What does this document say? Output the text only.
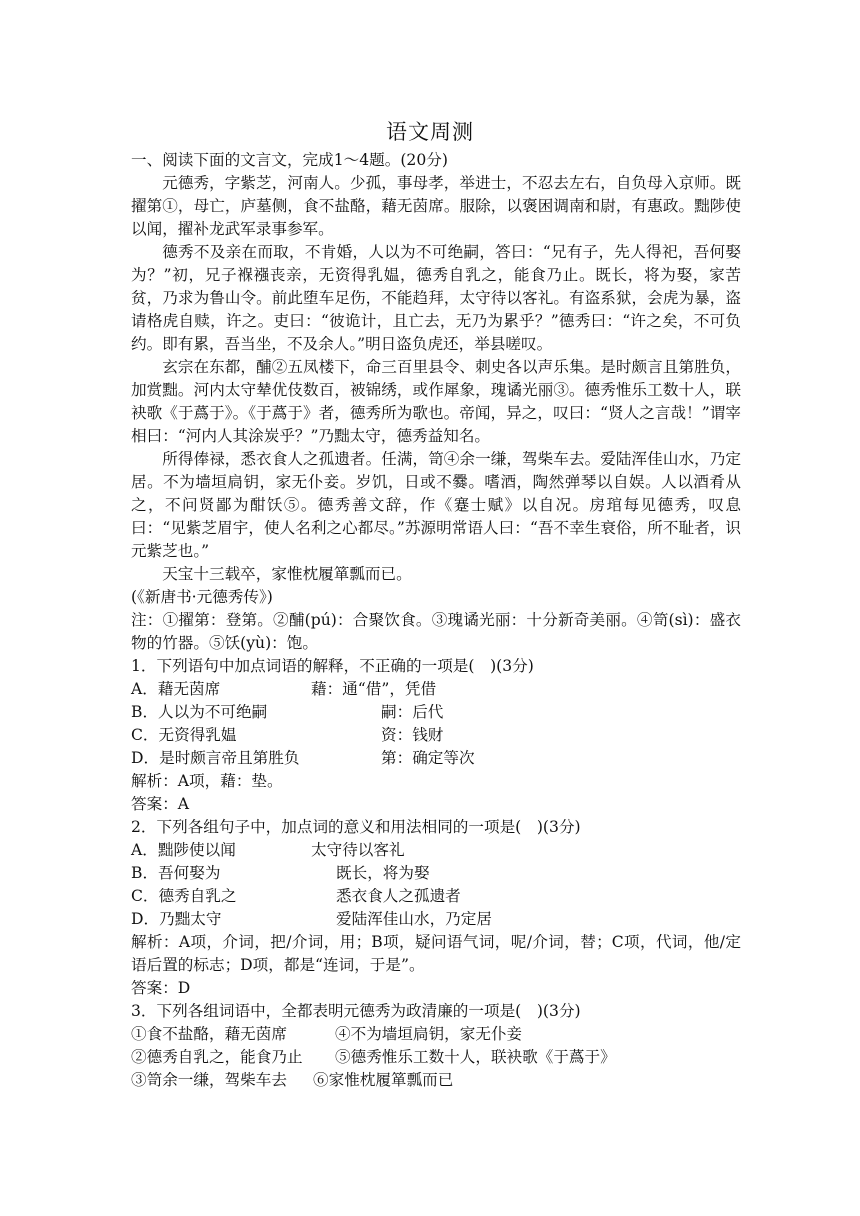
语文周测

一、阅读下面的文言文，完成1～4题。(20分)

元德秀，字紫芝，河南人。少孤，事母孝，举进士，不忍去左右，自负母入京师。既擢第①，母亡，庐墓侧，食不盐酪，藉无茵席。服除，以褒困调南和尉，有惠政。黜陟使以闻，擢补龙武军录事参军。

德秀不及亲在而取，不肯婚，人以为不可绝嗣，答曰：“兄有子，先人得祀，吾何娶为？”初，兄子褓襁丧亲，无资得乳媪，德秀自乳之，能食乃止。既长，将为娶，家苦贫，乃求为鲁山令。前此堕车足伤，不能趋拜，太守待以客礼。有盗系狱，会虎为暴，盗请格虎自赎，许之。吏曰：“彼诡计，且亡去，无乃为累乎？”德秀曰：“许之矣，不可负约。即有累，吾当坐，不及余人。”明日盗负虎还，举县嗟叹。

玄宗在东都，酺②五凤楼下，命三百里县令、刺史各以声乐集。是时颇言且第胜负，加赏黜。河内太守辇优伎数百，被锦绣，或作犀象，瑰谲光丽③。德秀惟乐工数十人，联袂歌《于蔿于》。《于蔿于》者，德秀所为歌也。帝闻，异之，叹曰：“贤人之言哉！”谓宰相曰：“河内人其涂炭乎？”乃黜太守，德秀益知名。

所得俸禄，悉衣食人之孤遗者。任满，笥④余一缣，驾柴车去。爱陆浑佳山水，乃定居。不为墙垣扃钥，家无仆妾。岁饥，日或不爨。嗜酒，陶然弹琴以自娱。人以酒肴从之，不问贤鄙为酣饫⑤。德秀善文辞，作《蹇士赋》以自况。房琯每见德秀，叹息曰：“见紫芝眉宇，使人名利之心都尽。”苏源明常语人曰：“吾不幸生衰俗，所不耻者，识元紫芝也。”

天宝十三载卒，家惟枕履箪瓢而已。

(《新唐书·元德秀传》)

注：①擢第：登第。②酺(pú)：合聚饮食。③瑰谲光丽：十分新奇美丽。④笥(sì)：盛衣物的竹器。⑤饫(yù)：饱。

1．下列语句中加点词语的解释，不正确的一项是(　)(3分)

A．藉无茵席	藉：通“借”，凭借
B．人以为不可绝嗣	嗣：后代
C．无资得乳媪	资：钱财
D．是时颇言帝且第胜负	第：确定等次

解析：A项，藉：垫。

答案：A

2．下列各组句子中，加点词的意义和用法相同的一项是(　)(3分)

A．黜陟使以闻	太守待以客礼
B．吾何娶为	既长，将为娶
C．德秀自乳之	悉衣食人之孤遗者
D．乃黜太守	爱陆浑佳山水，乃定居

解析：A项，介词，把/介词，用；B项，疑问语气词，呢/介词，替；C项，代词，他/定语后置的标志；D项，都是“连词，于是”。

答案：D

3．下列各组词语中，全都表明元德秀为政清廉的一项是(　)(3分)

①食不盐酪，藉无茵席	④不为墙垣扃钥，家无仆妾
②德秀自乳之，能食乃止	⑤德秀惟乐工数十人，联袂歌《于蔿于》
③笥余一缣，驾柴车去	⑥家惟枕履箪瓢而已
